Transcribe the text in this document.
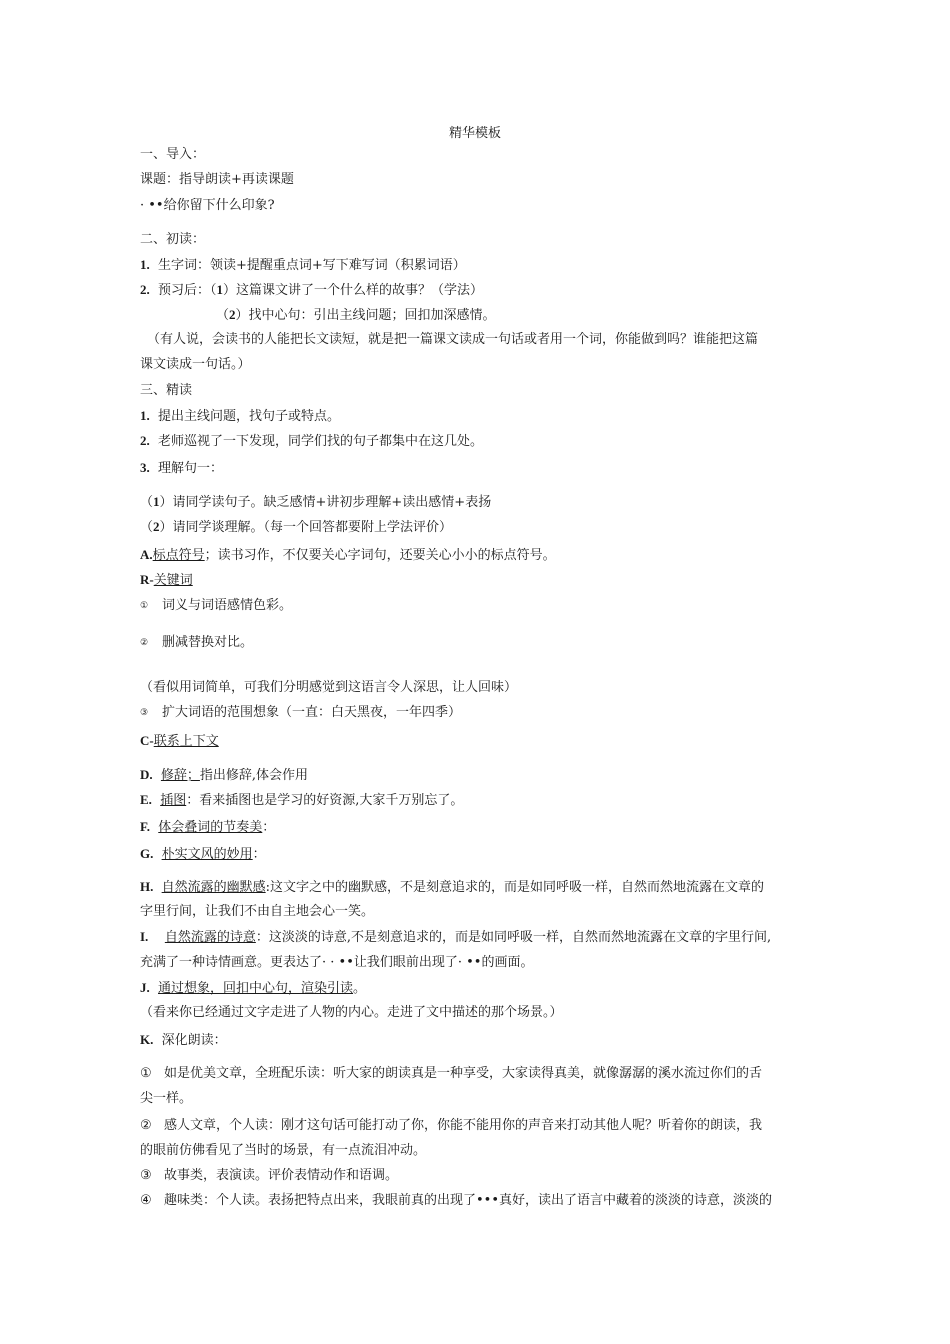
精华模板
一、导入：
课题：指导朗读+再读课题
· ••给你留下什么印象?
二、初读：
1. 生字词：领读+提醒重点词+写下难写词（积累词语）
2. 预习后：（1）这篇课文讲了一个什么样的故事？（学法）
（2）找中心句：引出主线问题；回扣加深感情。
（有人说，会读书的人能把长文读短，就是把一篇课文读成一句话或者用一个词，你能做到吗？谁能把这篇
课文读成一句话。）
三、精读
1. 提出主线问题，找句子或特点。
2. 老师巡视了一下发现，同学们找的句子都集中在这几处。
3. 理解句一：
（1）请同学读句子。缺乏感情+讲初步理解+读出感情+表扬
（2）请同学谈理解。（每一个回答都要附上学法评价）
A.标点符号；读书习作，不仅要关心字词句，还要关心小小的标点符号。
R-关键词
① 词义与词语感情色彩。
② 删减替换对比。
（看似用词简单，可我们分明感觉到这语言令人深思，让人回味）
③ 扩大词语的范围想象（一直：白天黑夜，一年四季）
C-联系上下文
D. 修辞；指出修辞,体会作用
E. 插图：看来插图也是学习的好资源,大家千万别忘了。
F. 体会叠词的节奏美：
G. 朴实文风的妙用：
H. 自然流露的幽默感:这文字之中的幽默感，不是刻意追求的，而是如同呼吸一样，自然而然地流露在文章的
字里行间，让我们不由自主地会心一笑。
I. 自然流露的诗意：这淡淡的诗意,不是刻意追求的，而是如同呼吸一样，自然而然地流露在文章的字里行间,
充满了一种诗情画意。更表达了· · ••让我们眼前出现了· ••的画面。
J. 通过想象，回扣中心句，渲染引读。
（看来你已经通过文字走进了人物的内心。走进了文中描述的那个场景。）
K. 深化朗读：
① 如是优美文章，全班配乐读：听大家的朗读真是一种享受，大家读得真美，就像潺潺的溪水流过你们的舌
尖一样。
② 感人文章，个人读：刚才这句话可能打动了你，你能不能用你的声音来打动其他人呢？听着你的朗读，我
的眼前仿佛看见了当时的场景，有一点流泪冲动。
③ 故事类，表演读。评价表情动作和语调。
④ 趣味类：个人读。表扬把特点出来，我眼前真的出现了•••真好，读出了语言中藏着的淡淡的诗意，淡淡的
